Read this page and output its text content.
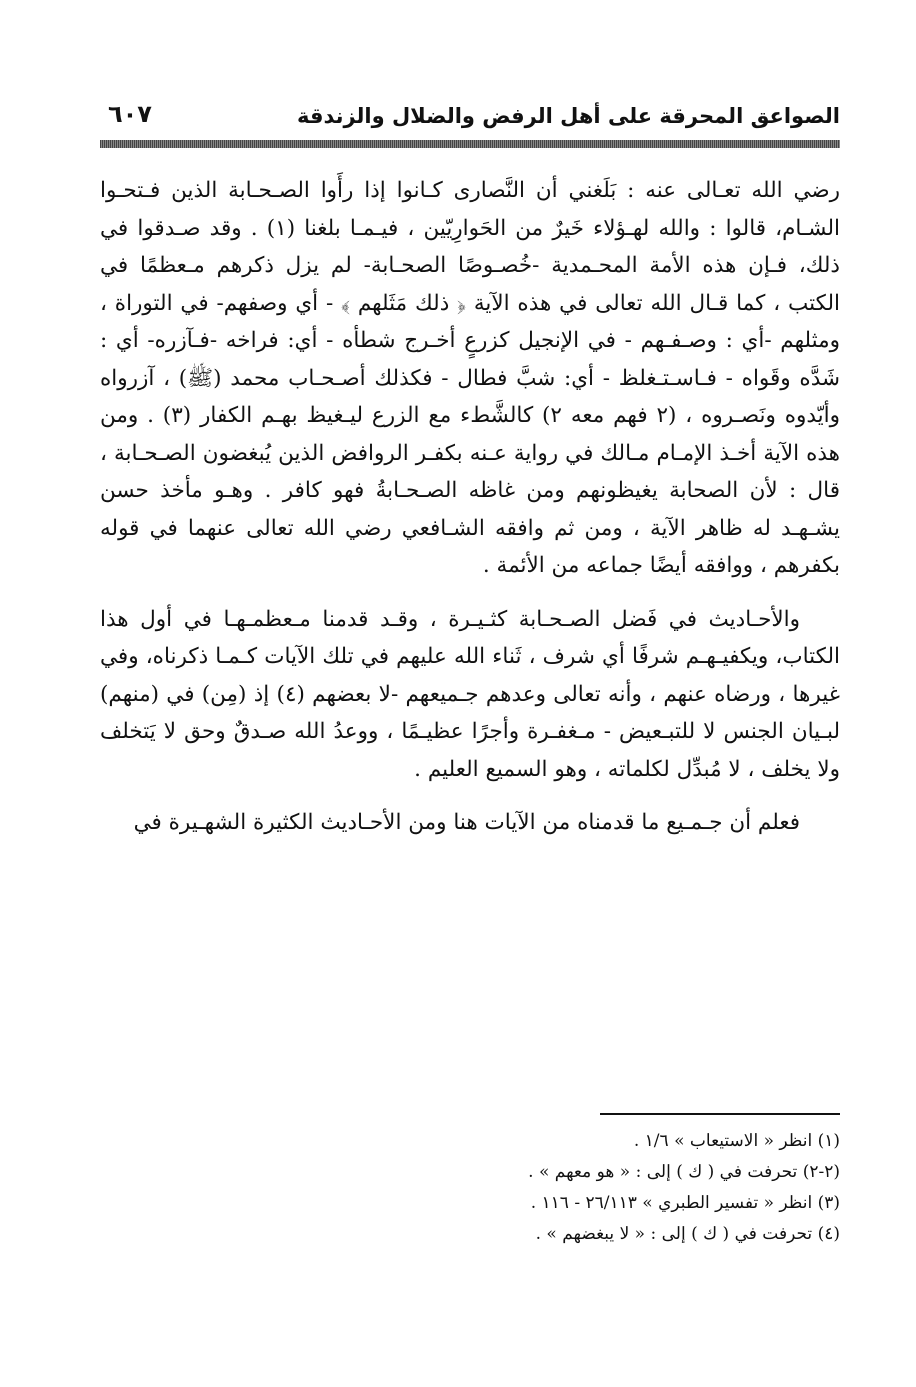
الصواعق المحرقة على أهل الرفض والضلال والزندقة
٦٠٧

رضي الله تعـالى عنه : بَلَغني أن النَّصارى كـانوا إذا رأَوا الصـحـابة الذين فـتحـوا الشـام، قالوا : والله لهـؤلاء خَيرٌ من الحَوارِيّين ، فيـمـا بلغنا (١) . وقد صـدقوا في ذلك، فـإن هذه الأمة المحـمدية -خُصـوصًا الصحـابة- لم يزل ذكرهم مـعظمًا في الكتب ، كما قـال الله تعالى في هذه الآية ﴿ ذلك مَثَلهم ﴾ - أي وصفهم- في التوراة ، ومثلهم -أي : وصـفـهم - في الإنجيل كزرعٍ أخـرج شطأه - أي: فراخه -فـآزره- أي : شَدَّه وقَواه - فـاسـتـغلظ - أي: شبَّ فطال - فكذلك أصـحـاب محمد (ﷺ) ، آزرواه وأيّدوه ونَصـروه ، (٢ فهم معه ٢) كالشَّطء مع الزرع ليـغيظ بهـم الكفار (٣) . ومن هذه الآية أخـذ الإمـام مـالك في رواية عـنه بكفـر الروافض الذين يُبغضون الصـحـابة ، قال : لأن الصحابة يغيظونهم ومن غاظه الصـحـابةُ فهو كافر . وهـو مأخذ حسن يشـهـد له ظاهر الآية ، ومن ثم وافقه الشـافعي رضي الله تعالى عنهما في قوله بكفرهم ، ووافقه أيضًا جماعه من الأئمة .

والأحـاديث في فَضل الصـحـابة كثـيـرة ، وقـد قدمنا مـعظمـهـا في أول هذا الكتاب، ويكفيـهـم شرفًا أي شرف ، ثَناء الله عليهم في تلك الآيات كـمـا ذكرناه، وفي غيرها ، ورضاه عنهم ، وأنه تعالى وعدهم جـميعهم -لا بعضهم (٤) إذ (مِن) في (منهم) لبـيان الجنس لا للتبـعيض - مـغفـرة وأجرًا عظيـمًا ، ووعدُ الله صـدقٌ وحق لا يَتخلف ولا يخلف ، لا مُبدِّل لكلماته ، وهو السميع العليم .

فعلم أن جـمـيع ما قدمناه من الآيات هنا ومن الأحـاديث الكثيرة الشهـيرة في

(١) انظر « الاستيعاب » ١/٦ .
(٢-٢) تحرفت في ( ك ) إلى : « هو معهم » .
(٣) انظر « تفسير الطبري » ٢٦/١١٣ - ١١٦ .
(٤) تحرفت في ( ك ) إلى : « لا يبغضهم » .
